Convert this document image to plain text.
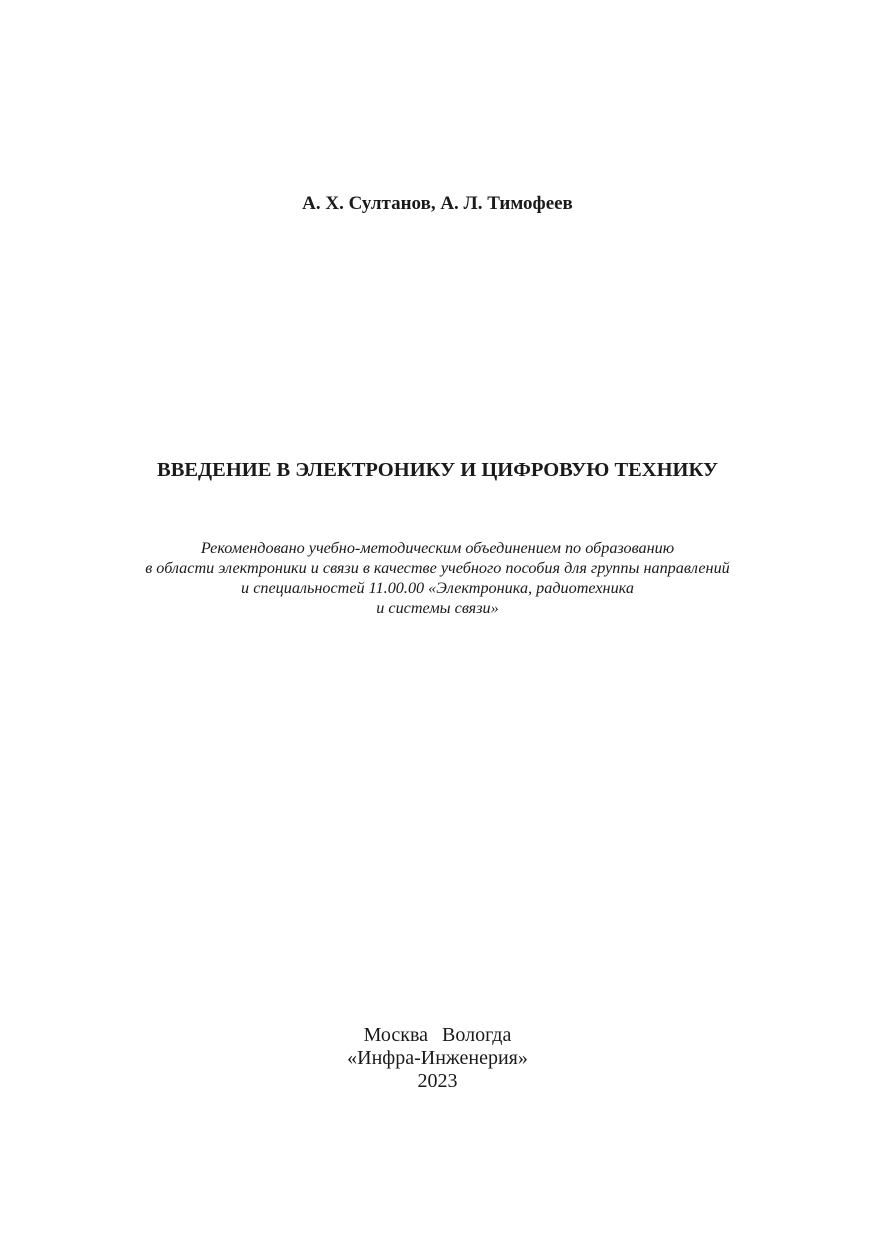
А. Х. Султанов, А. Л. Тимофеев
ВВЕДЕНИЕ В ЭЛЕКТРОНИКУ И ЦИФРОВУЮ ТЕХНИКУ
Рекомендовано учебно-методическим объединением по образованию
в области электроники и связи в качестве учебного пособия для группы направлений
и специальностей 11.00.00 «Электроника, радиотехника
и системы связи»
Москва Вологда
«Инфра-Инженерия»
2023
